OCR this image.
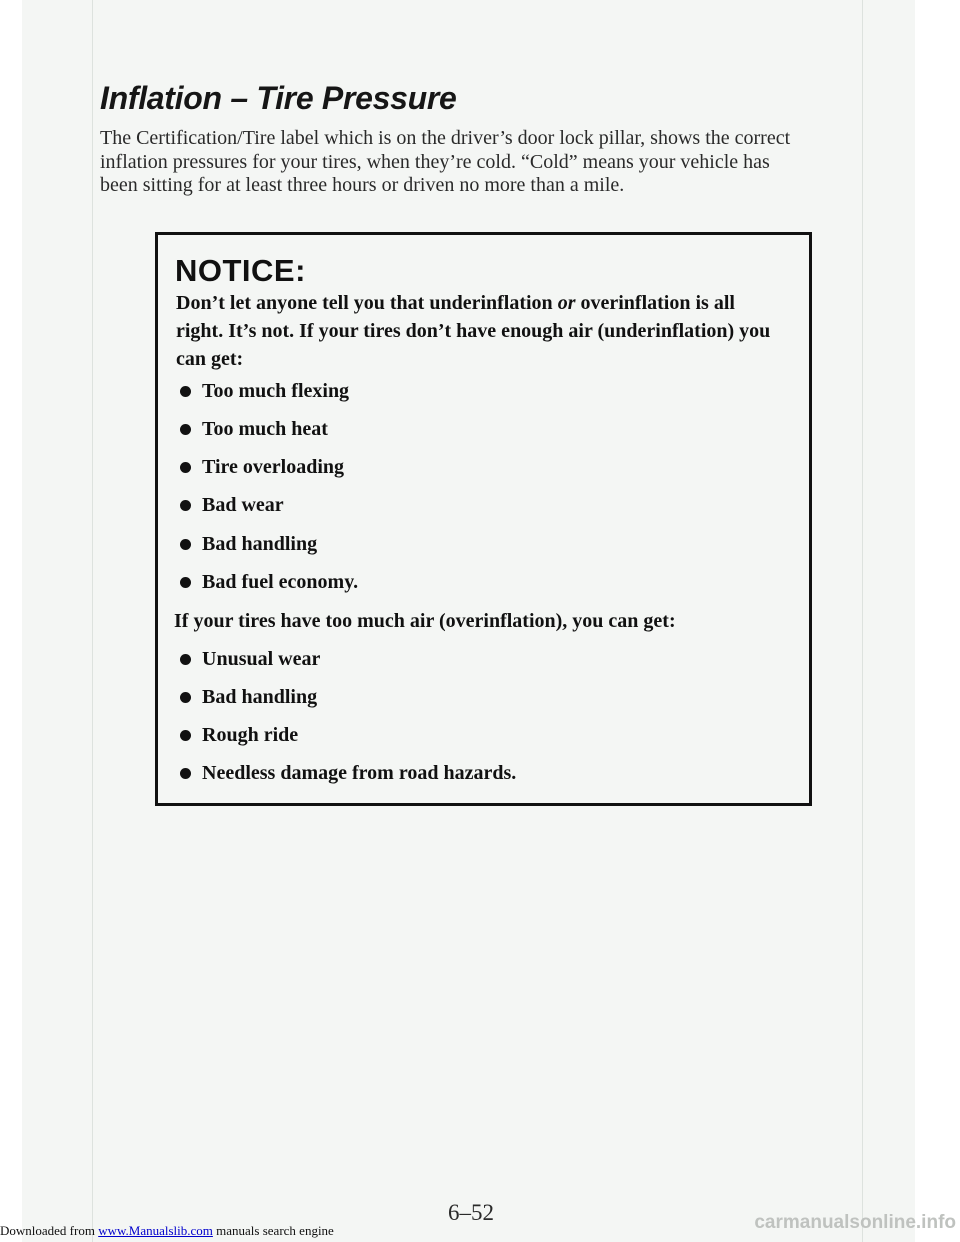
Inflation – Tire Pressure

The Certification/Tire label which is on the driver’s door lock pillar, shows the correct inflation pressures for your tires, when they’re cold. “Cold” means your vehicle has been sitting for at least three hours or driven no more than a mile.

NOTICE:

Don’t let anyone tell you that underinflation or overinflation is all right. It’s not. If your tires don’t have enough air (underinflation) you can get:

Too much flexing
Too much heat
Tire overloading
Bad wear
Bad handling
Bad fuel economy.

If your tires have too much air (overinflation), you can get:

Unusual wear
Bad handling
Rough ride
Needless damage from road hazards.
6–52
Downloaded from www.Manualslib.com manuals search engine	carmanualsonline.info
